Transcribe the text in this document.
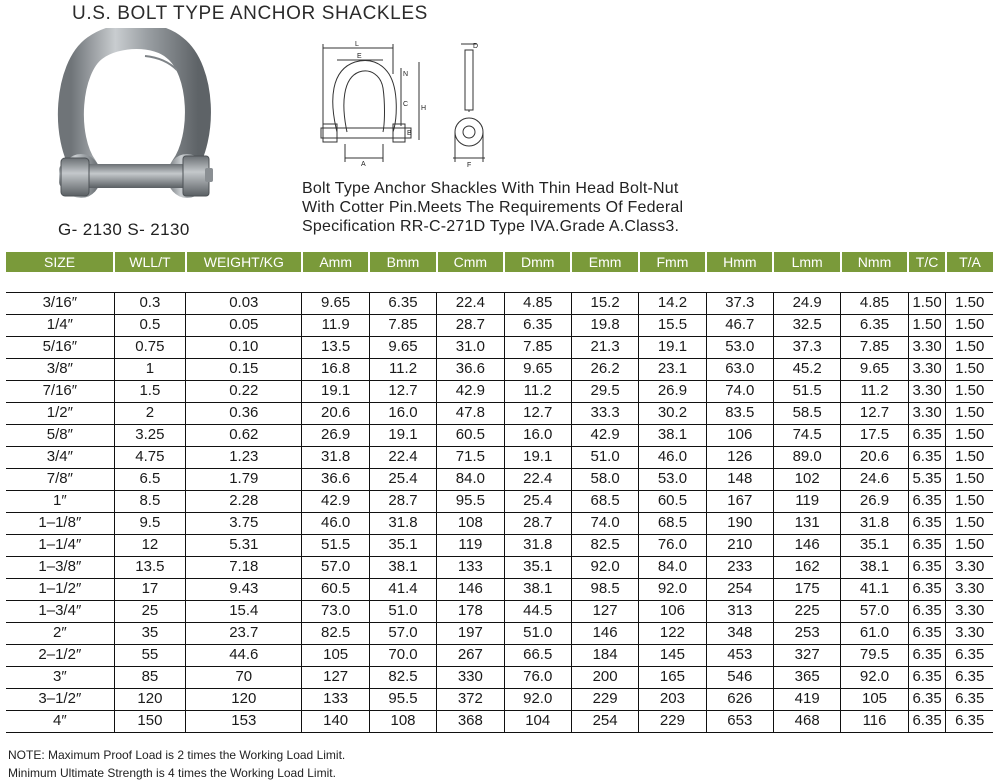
U.S. BOLT TYPE ANCHOR SHACKLES
G- 2130 S- 2130
L
E
N
C
H
B
A
D
F
Bolt Type Anchor Shackles With Thin Head Bolt-Nut
With Cotter Pin.Meets The Requirements Of Federal
Specification RR-C-271D Type IVA.Grade A.Class3.
SIZE	WLL/T	WEIGHT/KG	Amm	Bmm	Cmm	Dmm	Emm	Fmm	Hmm	Lmm	Nmm	T/C	T/A

3/16″	0.3	0.03	9.65	6.35	22.4	4.85	15.2	14.2	37.3	24.9	4.85	1.50	1.50
1/4″	0.5	0.05	11.9	7.85	28.7	6.35	19.8	15.5	46.7	32.5	6.35	1.50	1.50
5/16″	0.75	0.10	13.5	9.65	31.0	7.85	21.3	19.1	53.0	37.3	7.85	3.30	1.50
3/8″	1	0.15	16.8	11.2	36.6	9.65	26.2	23.1	63.0	45.2	9.65	3.30	1.50
7/16″	1.5	0.22	19.1	12.7	42.9	11.2	29.5	26.9	74.0	51.5	11.2	3.30	1.50
1/2″	2	0.36	20.6	16.0	47.8	12.7	33.3	30.2	83.5	58.5	12.7	3.30	1.50
5/8″	3.25	0.62	26.9	19.1	60.5	16.0	42.9	38.1	106	74.5	17.5	6.35	1.50
3/4″	4.75	1.23	31.8	22.4	71.5	19.1	51.0	46.0	126	89.0	20.6	6.35	1.50
7/8″	6.5	1.79	36.6	25.4	84.0	22.4	58.0	53.0	148	102	24.6	5.35	1.50
1″	8.5	2.28	42.9	28.7	95.5	25.4	68.5	60.5	167	119	26.9	6.35	1.50
1–1/8″	9.5	3.75	46.0	31.8	108	28.7	74.0	68.5	190	131	31.8	6.35	1.50
1–1/4″	12	5.31	51.5	35.1	119	31.8	82.5	76.0	210	146	35.1	6.35	1.50
1–3/8″	13.5	7.18	57.0	38.1	133	35.1	92.0	84.0	233	162	38.1	6.35	3.30
1–1/2″	17	9.43	60.5	41.4	146	38.1	98.5	92.0	254	175	41.1	6.35	3.30
1–3/4″	25	15.4	73.0	51.0	178	44.5	127	106	313	225	57.0	6.35	3.30
2″	35	23.7	82.5	57.0	197	51.0	146	122	348	253	61.0	6.35	3.30
2–1/2″	55	44.6	105	70.0	267	66.5	184	145	453	327	79.5	6.35	6.35
3″	85	70	127	82.5	330	76.0	200	165	546	365	92.0	6.35	6.35
3–1/2″	120	120	133	95.5	372	92.0	229	203	626	419	105	6.35	6.35
4″	150	153	140	108	368	104	254	229	653	468	116	6.35	6.35
NOTE: Maximum Proof Load is 2 times the Working Load Limit.
Minimum Ultimate Strength is 4 times the Working Load Limit.
